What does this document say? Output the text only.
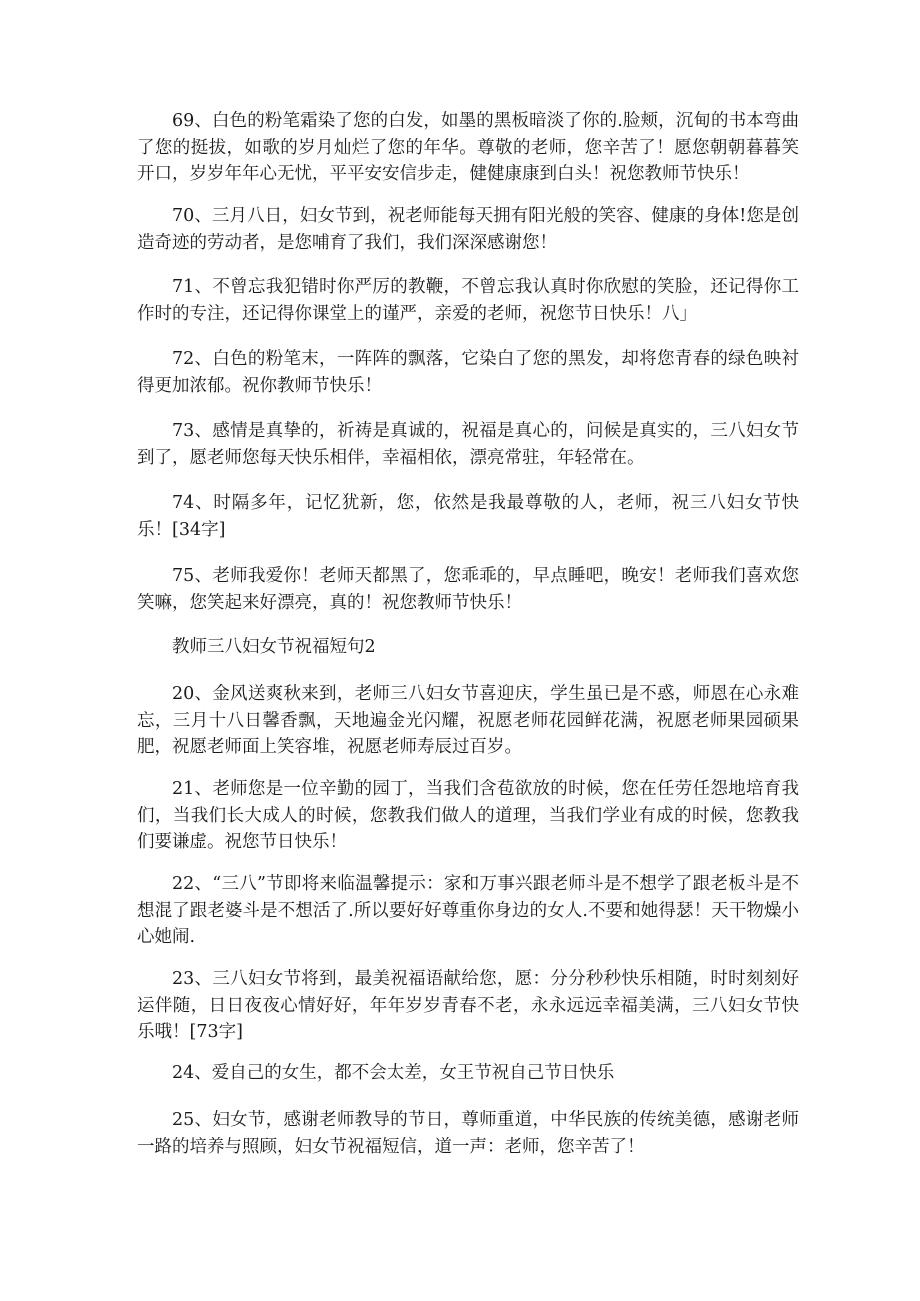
69、白色的粉笔霜染了您的白发，如墨的黑板暗淡了你的.脸颊，沉甸的书本弯曲了您的挺拔，如歌的岁月灿烂了您的年华。尊敬的老师，您辛苦了！愿您朝朝暮暮笑开口，岁岁年年心无忧，平平安安信步走，健健康康到白头！祝您教师节快乐！

70、三月八日，妇女节到，祝老师能每天拥有阳光般的笑容、健康的身体!您是创造奇迹的劳动者，是您哺育了我们，我们深深感谢您！

71、不曾忘我犯错时你严厉的教鞭，不曾忘我认真时你欣慰的笑脸，还记得你工作时的专注，还记得你课堂上的谨严，亲爱的老师，祝您节日快乐！八」

72、白色的粉笔末，一阵阵的飘落，它染白了您的黑发，却将您青春的绿色映衬得更加浓郁。祝你教师节快乐！

73、感情是真挚的，祈祷是真诚的，祝福是真心的，问候是真实的，三八妇女节到了，愿老师您每天快乐相伴，幸福相依，漂亮常驻，年轻常在。

74、时隔多年，记忆犹新，您，依然是我最尊敬的人，老师，祝三八妇女节快乐！[34字]

75、老师我爱你！老师天都黑了，您乖乖的，早点睡吧，晚安！老师我们喜欢您笑嘛，您笑起来好漂亮，真的！祝您教师节快乐！

教师三八妇女节祝福短句2

20、金风送爽秋来到，老师三八妇女节喜迎庆，学生虽已是不惑，师恩在心永难忘，三月十八日馨香飘，天地遍金光闪耀，祝愿老师花园鲜花满，祝愿老师果园硕果肥，祝愿老师面上笑容堆，祝愿老师寿辰过百岁。

21、老师您是一位辛勤的园丁，当我们含苞欲放的时候，您在任劳任怨地培育我们，当我们长大成人的时候，您教我们做人的道理，当我们学业有成的时候，您教我们要谦虚。祝您节日快乐！

22、“三八”节即将来临温馨提示：家和万事兴跟老师斗是不想学了跟老板斗是不想混了跟老婆斗是不想活了.所以要好好尊重你身边的女人.不要和她得瑟！天干物燥小心她闹.

23、三八妇女节将到，最美祝福语献给您，愿：分分秒秒快乐相随，时时刻刻好运伴随，日日夜夜心情好好，年年岁岁青春不老，永永远远幸福美满，三八妇女节快乐哦！[73字]

24、爱自己的女生，都不会太差，女王节祝自己节日快乐

25、妇女节，感谢老师教导的节日，尊师重道，中华民族的传统美德，感谢老师一路的培养与照顾，妇女节祝福短信，道一声：老师，您辛苦了！
